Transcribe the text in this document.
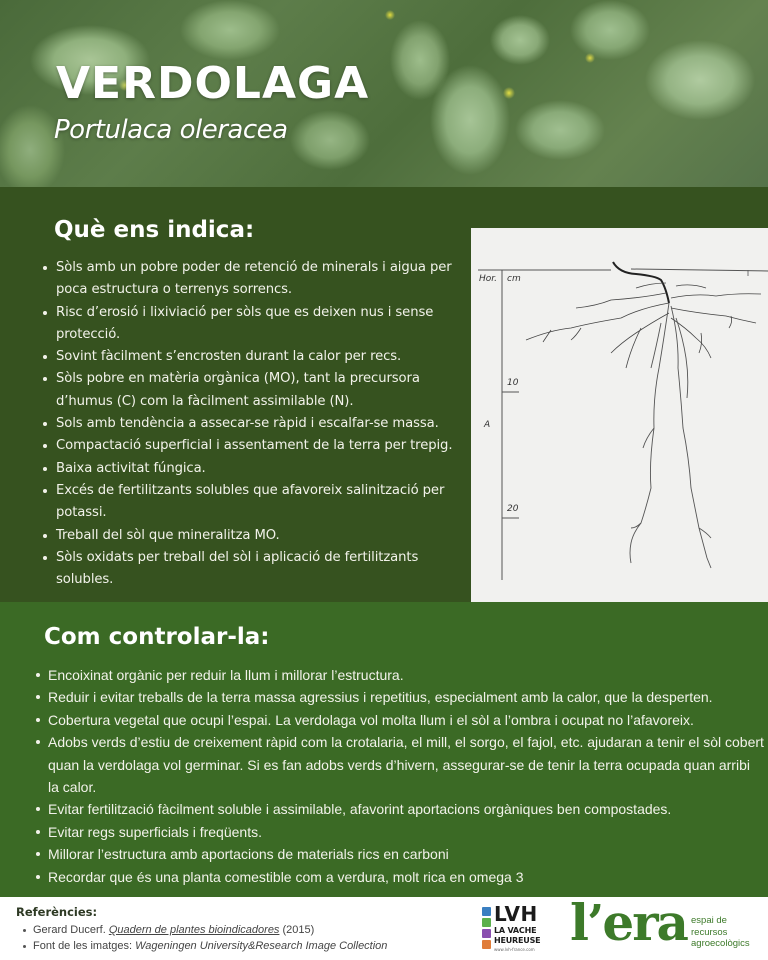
VERDOLAGA
Portulaca oleracea
Què ens indica:
Sòls amb un pobre poder de retenció de minerals i aigua per poca estructura o terrenys sorrencs.
Risc d’erosió i lixiviació per sòls que es deixen nus i sense protecció.
Sovint fàcilment s’encrosten durant la calor per recs.
Sòls pobre en matèria orgànica (MO), tant la precursora d’humus (C) com la fàcilment assimilable (N).
Sols amb tendència a assecar-se ràpid i escalfar-se massa.
Compactació superficial i assentament de la terra per trepig.
Baixa activitat fúngica.
Excés de fertilitzants solubles que afavoreix salinització per potassi.
Treball del sòl que mineralitza MO.
Sòls oxidats per treball del sòl i aplicació de fertilitzants solubles.
Hor. cm
10
A
20
Com controlar-la:
Encoixinat orgànic per reduir la llum i millorar l’estructura.
Reduir i evitar treballs de la terra massa agressius i repetitius, especialment amb la calor, que la desperten.
Cobertura vegetal que ocupi l’espai. La verdolaga vol molta llum i el sòl a l’ombra i ocupat no l’afavoreix.
Adobs verds d’estiu de creixement ràpid com la crotalaria, el mill, el sorgo, el fajol, etc. ajudaran a tenir el sòl cobert quan la verdolaga vol germinar. Si es fan adobs verds d’hivern, assegurar-se de tenir la terra ocupada quan arribi la calor.
Evitar fertilització fàcilment soluble i assimilable, afavorint aportacions orgàniques ben compostades.
Evitar regs superficials i freqüents.
Millorar l’estructura amb aportacions de materials rics en carboni
Recordar que és una planta comestible com a verdura, molt rica en omega 3
Referències:
Gerard Ducerf. Quadern de plantes bioindicadores (2015)
Font de les imatges: Wageningen University&Research Image Collection
LVH
LA VACHE
HEUREUSE
www.lvh-france.com l’era espai de
recursos
agroecològics
